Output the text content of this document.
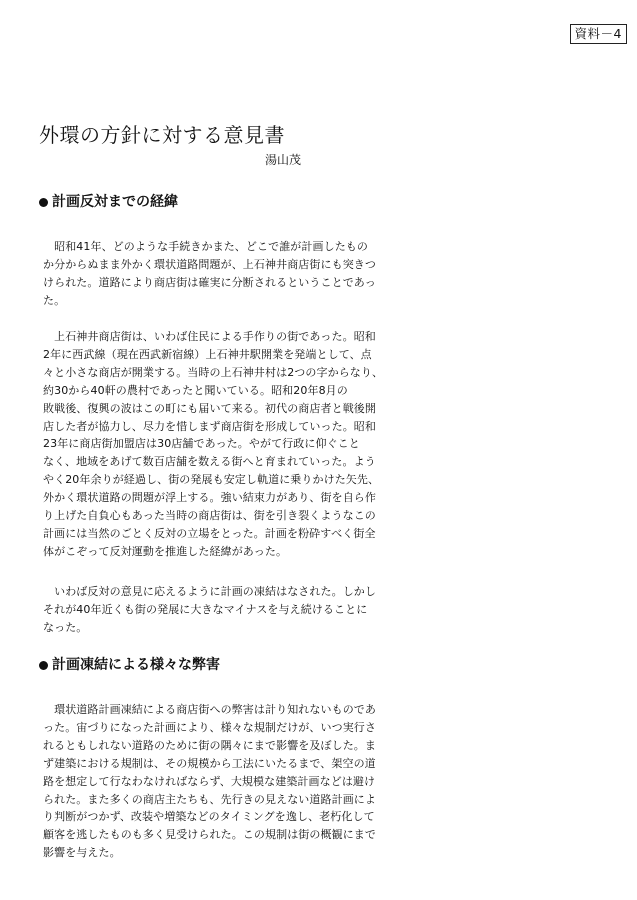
資料－4
外環の方針に対する意見書
湯山茂
計画反対までの経緯
　昭和41年、どのような手続きかまた、どこで誰が計画したもの
か分からぬまま外かく環状道路問題が、上石神井商店街にも突きつ
けられた。道路により商店街は確実に分断されるということであっ
た。
　上石神井商店街は、いわば住民による手作りの街であった。昭和
2年に西武線（現在西武新宿線）上石神井駅開業を発端として、点
々と小さな商店が開業する。当時の上石神井村は2つの字からなり、
約30から40軒の農村であったと聞いている。昭和20年8月の
敗戦後、復興の波はこの町にも届いて来る。初代の商店者と戦後開
店した者が協力し、尽力を惜しまず商店街を形成していった。昭和
23年に商店街加盟店は30店舗であった。やがて行政に仰ぐこと
なく、地域をあげて数百店舗を数える街へと育まれていった。よう
やく20年余りが経過し、街の発展も安定し軌道に乗りかけた矢先、
外かく環状道路の問題が浮上する。強い結束力があり、街を自ら作
り上げた自負心もあった当時の商店街は、街を引き裂くようなこの
計画には当然のごとく反対の立場をとった。計画を粉砕すべく街全
体がこぞって反対運動を推進した経緯があった。
　いわば反対の意見に応えるように計画の凍結はなされた。しかし
それが40年近くも街の発展に大きなマイナスを与え続けることに
なった。
計画凍結による様々な弊害
　環状道路計画凍結による商店街への弊害は計り知れないものであ
った。宙づりになった計画により、様々な規制だけが、いつ実行さ
れるともしれない道路のために街の隅々にまで影響を及ぼした。ま
ず建築における規制は、その規模から工法にいたるまで、架空の道
路を想定して行なわなければならず、大規模な建築計画などは避け
られた。また多くの商店主たちも、先行きの見えない道路計画によ
り判断がつかず、改装や増築などのタイミングを逸し、老朽化して
顧客を逃したものも多く見受けられた。この規制は街の概観にまで
影響を与えた。
